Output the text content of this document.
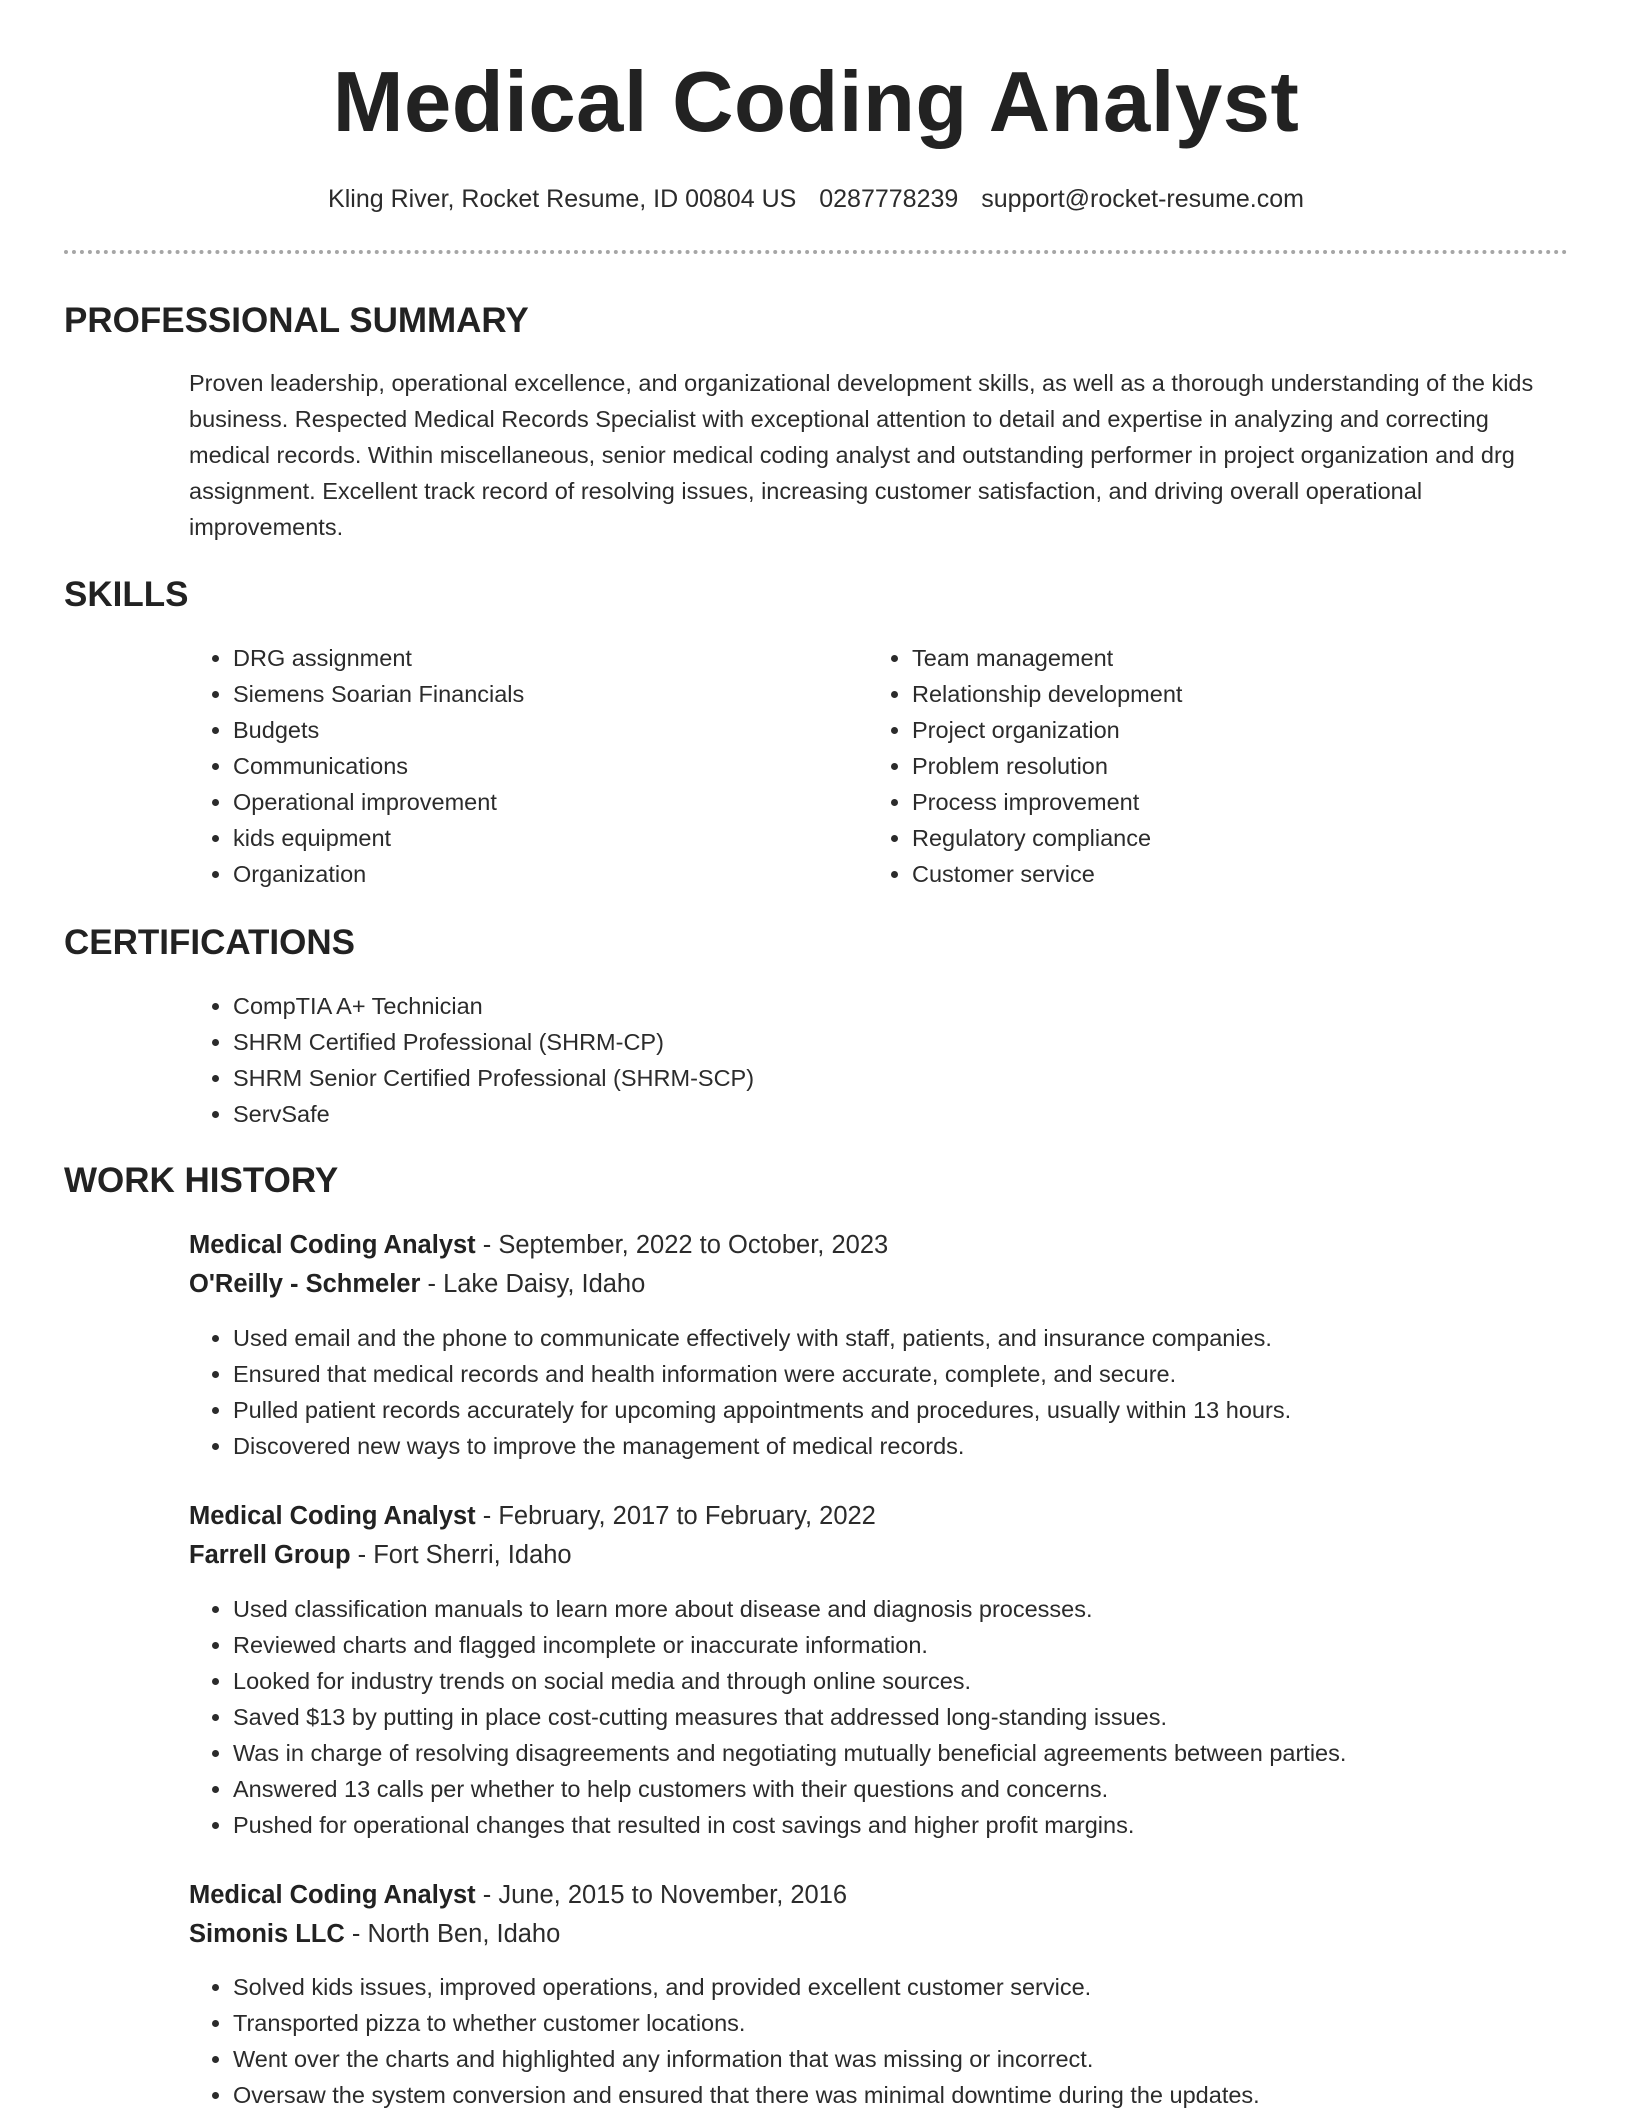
Medical Coding Analyst
Kling River, Rocket Resume, ID 00804 US 0287778239 support@rocket-resume.com
PROFESSIONAL SUMMARY

Proven leadership, operational excellence, and organizational development skills, as well as a thorough understanding of the kids business. Respected Medical Records Specialist with exceptional attention to detail and expertise in analyzing and correcting medical records. Within miscellaneous, senior medical coding analyst and outstanding performer in project organization and drg assignment. Excellent track record of resolving issues, increasing customer satisfaction, and driving overall operational improvements.

SKILLS
• DRG assignment
• Siemens Soarian Financials
• Budgets
• Communications
• Operational improvement
• kids equipment
• Organization
• Team management
• Relationship development
• Project organization
• Problem resolution
• Process improvement
• Regulatory compliance
• Customer service
CERTIFICATIONS
• CompTIA A+ Technician
• SHRM Certified Professional (SHRM-CP)
• SHRM Senior Certified Professional (SHRM-SCP)
• ServSafe
WORK HISTORY
Medical Coding Analyst - September, 2022 to October, 2023
O'Reilly - Schmeler - Lake Daisy, Idaho
• Used email and the phone to communicate effectively with staff, patients, and insurance companies.
• Ensured that medical records and health information were accurate, complete, and secure.
• Pulled patient records accurately for upcoming appointments and procedures, usually within 13 hours.
• Discovered new ways to improve the management of medical records.
Medical Coding Analyst - February, 2017 to February, 2022
Farrell Group - Fort Sherri, Idaho
• Used classification manuals to learn more about disease and diagnosis processes.
• Reviewed charts and flagged incomplete or inaccurate information.
• Looked for industry trends on social media and through online sources.
• Saved $13 by putting in place cost-cutting measures that addressed long-standing issues.
• Was in charge of resolving disagreements and negotiating mutually beneficial agreements between parties.
• Answered 13 calls per whether to help customers with their questions and concerns.
• Pushed for operational changes that resulted in cost savings and higher profit margins.
Medical Coding Analyst - June, 2015 to November, 2016
Simonis LLC - North Ben, Idaho
• Solved kids issues, improved operations, and provided excellent customer service.
• Transported pizza to whether customer locations.
• Went over the charts and highlighted any information that was missing or incorrect.
• Oversaw the system conversion and ensured that there was minimal downtime during the updates.
